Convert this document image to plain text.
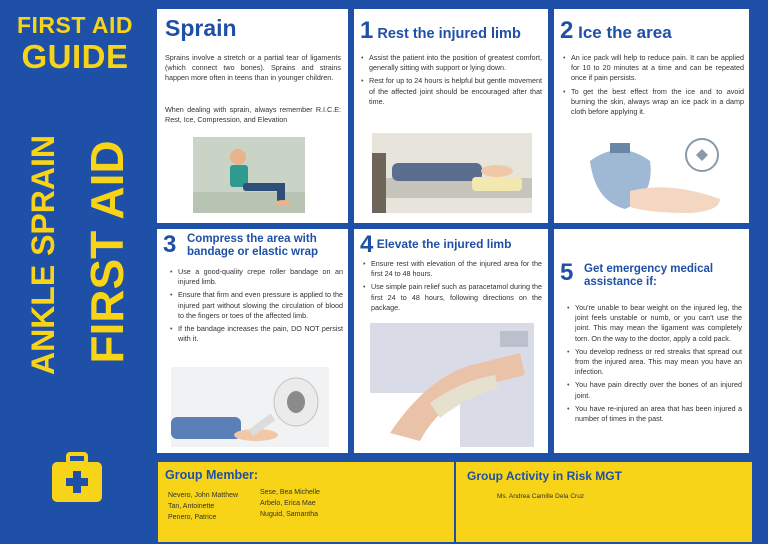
FIRST AID
GUIDE
ANKLE SPRAIN FIRST AID
Sprain
Sprains involve a stretch or a partial tear of ligaments (which connect two bones). Sprains and strains happen more often in teens than in younger children.
When dealing with sprain, always remember R.I.C.E: Rest, Ice, Compression, and Elevation
1 Rest the injured limb
• Assist the patient into the position of greatest comfort, generally sitting with support or lying down.
• Rest for up to 24 hours is helpful but gentle movement of the affected joint should be encouraged after that time.
2 Ice the area
• An ice pack will help to reduce pain. It can be applied for 10 to 20 minutes at a time and can be repeated once if pain persists.
• To get the best effect from the ice and to avoid burning the skin, always wrap an ice pack in a damp cloth before applying it.
3 Compress the area with
bandage or elastic wrap
• Use a good-quality crepe roller bandage on an injured limb.
• Ensure that firm and even pressure is applied to the injured part without slowing the circulation of blood to the fingers or toes of the affected limb.
• If the bandage increases the pain, DO NOT persist with it.
4 Elevate the injured limb
• Ensure rest with elevation of the injured area for the first 24 to 48 hours.
• Use simple pain relief such as paracetamol during the first 24 to 48 hours, following directions on the package.
5 Get emergency medical
assistance if:
• You're unable to bear weight on the injured leg, the joint feels unstable or numb, or you can't use the joint. This may mean the ligament was completely torn. On the way to the doctor, apply a cold pack.
• You develop redness or red streaks that spread out from the injured area. This may mean you have an infection.
• You have pain directly over the bones of an injured joint.
• You have re-injured an area that has been injured a number of times in the past.
Group Member:
Nevero, John Matthew
Tan, Antoinette
Penero, Patrice
Sese, Bea Michelle
Arbelo, Erica Mae
Nuguid, Samantha
Group Activity in Risk MGT
Ms. Andrea Camille Dela Cruz
